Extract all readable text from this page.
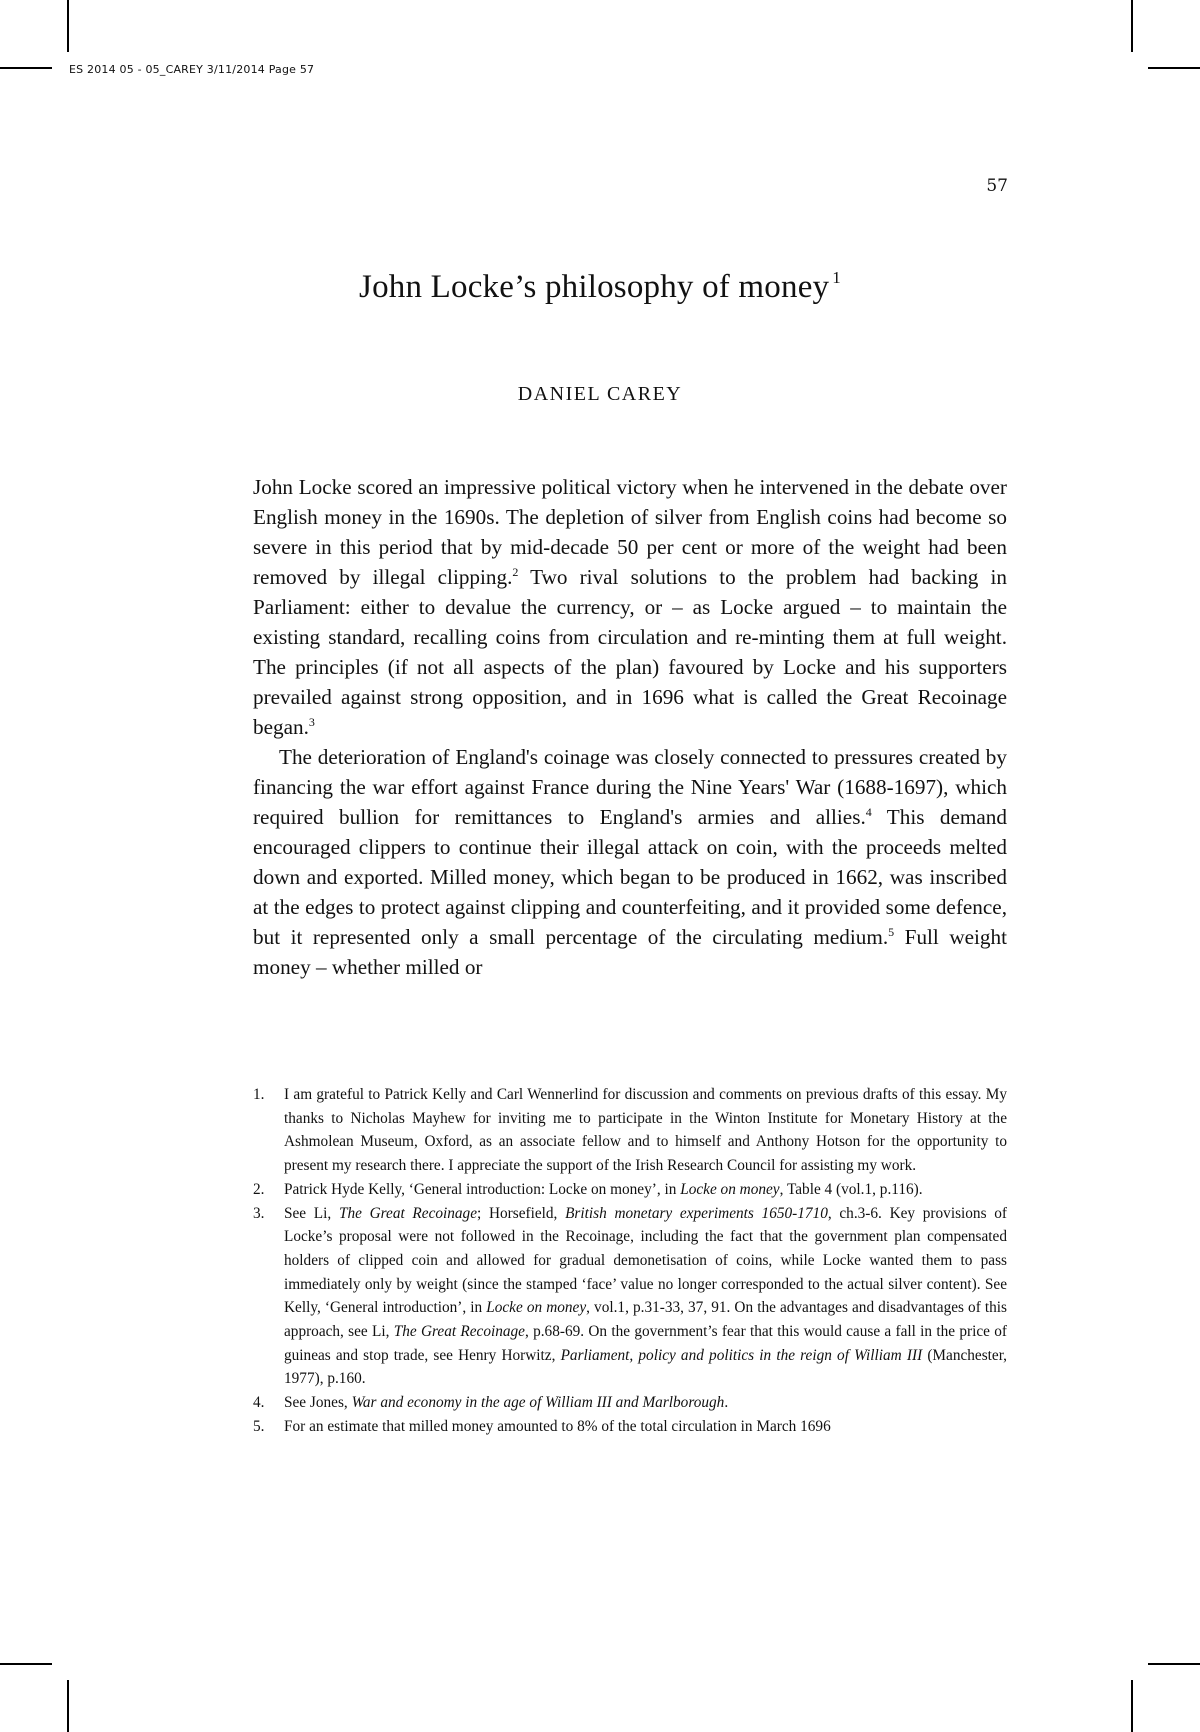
ES 2014 05 - 05_CAREY 3/11/2014 Page 57
57
John Locke’s philosophy of money $^1$
DANIEL CAREY

John Locke scored an impressive political victory when he intervened in the debate over English money in the 1690s. The depletion of silver from English coins had become so severe in this period that by mid-decade 50 per cent or more of the weight had been removed by illegal clipping.$^2$ Two rival solutions to the problem had backing in Parliament: either to devalue the currency, or – as Locke argued – to maintain the existing standard, recalling coins from circulation and re-minting them at full weight. The principles (if not all aspects of the plan) favoured by Locke and his supporters prevailed against strong opposition, and in 1696 what is called the Great Recoinage began.$^3$

The deterioration of England's coinage was closely connected to pressures created by financing the war effort against France during the Nine Years' War (1688-1697), which required bullion for remittances to England's armies and allies.$^4$ This demand encouraged clippers to continue their illegal attack on coin, with the proceeds melted down and exported. Milled money, which began to be produced in 1662, was inscribed at the edges to protect against clipping and counterfeiting, and it provided some defence, but it represented only a small percentage of the circulating medium.$^5$ Full weight money – whether milled or

1. I am grateful to Patrick Kelly and Carl Wennerlind for discussion and comments on previous drafts of this essay. My thanks to Nicholas Mayhew for inviting me to participate in the Winton Institute for Monetary History at the Ashmolean Museum, Oxford, as an associate fellow and to himself and Anthony Hotson for the opportunity to present my research there. I appreciate the support of the Irish Research Council for assisting my work.
2. Patrick Hyde Kelly, ‘General introduction: Locke on money’, in Locke on money, Table 4 (vol.1, p.116).
3. See Li, The Great Recoinage; Horsefield, British monetary experiments 1650-1710, ch.3-6. Key provisions of Locke’s proposal were not followed in the Recoinage, including the fact that the government plan compensated holders of clipped coin and allowed for gradual demonetisation of coins, while Locke wanted them to pass immediately only by weight (since the stamped ‘face’ value no longer corresponded to the actual silver content). See Kelly, ‘General introduction’, in Locke on money, vol.1, p.31-33, 37, 91. On the advantages and disadvantages of this approach, see Li, The Great Recoinage, p.68-69. On the government’s fear that this would cause a fall in the price of guineas and stop trade, see Henry Horwitz, Parliament, policy and politics in the reign of William III (Manchester, 1977), p.160.
4. See Jones, War and economy in the age of William III and Marlborough.
5. For an estimate that milled money amounted to 8% of the total circulation in March 1696
